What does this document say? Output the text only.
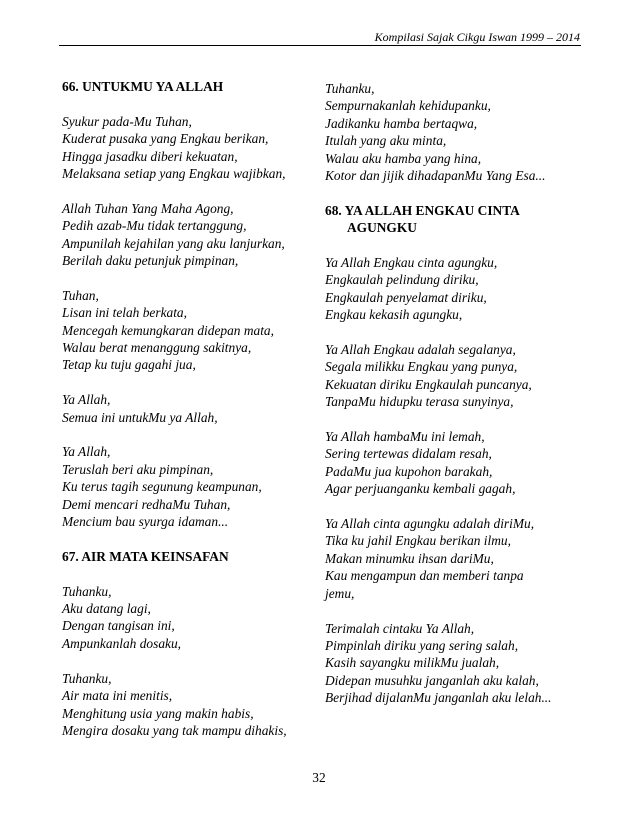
Kompilasi Sajak Cikgu Iswan 1999 – 2014
66. UNTUKMU YA ALLAH
Syukur pada-Mu Tuhan,
Kuderat pusaka yang Engkau berikan,
Hingga jasadku diberi kekuatan,
Melaksana setiap yang Engkau wajibkan,
Allah Tuhan Yang Maha Agong,
Pedih azab-Mu tidak tertanggung,
Ampunilah kejahilan yang aku lanjurkan,
Berilah daku petunjuk pimpinan,
Tuhan,
Lisan ini telah berkata,
Mencegah kemungkaran didepan mata,
Walau berat menanggung sakitnya,
Tetap ku tuju gagahi jua,
Ya Allah,
Semua ini untukMu ya Allah,
Ya Allah,
Teruslah beri aku pimpinan,
Ku terus tagih segunung keampunan,
Demi mencari redhaMu Tuhan,
Mencium bau syurga idaman...
67. AIR MATA KEINSAFAN
Tuhanku,
Aku datang lagi,
Dengan tangisan ini,
Ampunkanlah dosaku,
Tuhanku,
Air mata ini menitis,
Menghitung usia yang makin habis,
Mengira dosaku yang tak mampu dihakis,
Tuhanku,
Sempurnakanlah kehidupanku,
Jadikanku hamba bertaqwa,
Itulah yang aku minta,
Walau aku hamba yang hina,
Kotor dan jijik dihadapanMu Yang Esa...
68. YA ALLAH ENGKAU CINTA AGUNGKU
Ya Allah Engkau cinta agungku,
Engkaulah pelindung diriku,
Engkaulah penyelamat diriku,
Engkau kekasih agungku,
Ya Allah Engkau adalah segalanya,
Segala milikku Engkau yang punya,
Kekuatan diriku Engkaulah puncanya,
TanpaMu hidupku terasa sunyinya,
Ya Allah hambaMu ini lemah,
Sering tertewas didalam resah,
PadaMu jua kupohon barakah,
Agar perjuanganku kembali gagah,
Ya Allah cinta agungku adalah diriMu,
Tika ku jahil Engkau berikan ilmu,
Makan minumku ihsan dariMu,
Kau mengampun dan memberi tanpa
jemu,
Terimalah cintaku Ya Allah,
Pimpinlah diriku yang sering salah,
Kasih sayangku milikMu jualah,
Didepan musuhku janganlah aku kalah,
Berjihad dijalanMu janganlah aku lelah...
32
